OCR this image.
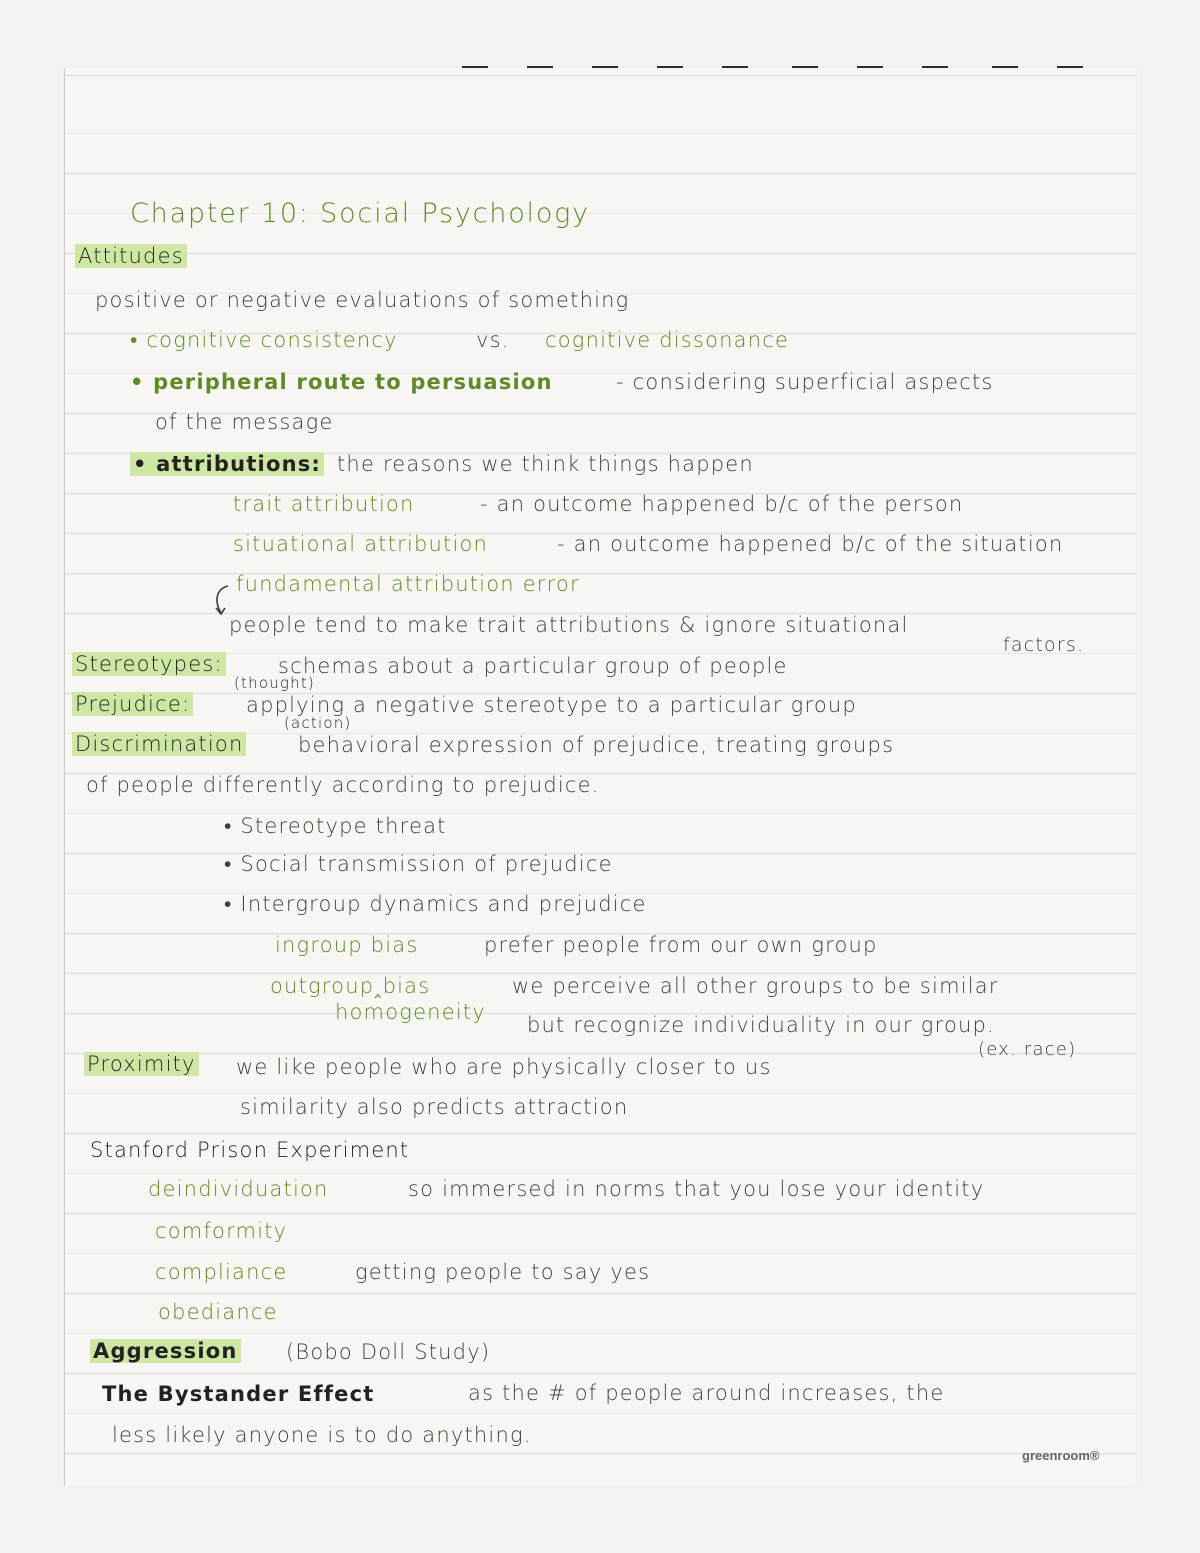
Chapter 10: Social Psychology
Attitudes
positive or negative evaluations of something
• cognitive consistency	vs. cognitive dissonance
• peripheral route to persuasion	- considering superficial aspects
of the message
• attributions: the reasons we think things happen
trait attribution	- an outcome happened b/c of the person
situational attribution	- an outcome happened b/c of the situation
fundamental attribution error
people tend to make trait attributions & ignore situational
factors.
Stereotypes:	schemas about a particular group of people
(thought)
Prejudice:	applying a negative stereotype to a particular group
(action)
Discrimination	behavioral expression of prejudice, treating groups
of people differently according to prejudice.
• Stereotype threat
• Social transmission of prejudice
• Intergroup dynamics and prejudice
ingroup bias	prefer people from our own group
outgroup‸bias	we perceive all other groups to be similar
homogeneity
but recognize individuality in our group.
(ex. race)
Proximity we like people who are physically closer to us
similarity also predicts attraction
Stanford Prison Experiment
deindividuation	so immersed in norms that you lose your identity
comformity
compliance	getting people to say yes
obediance
Aggression (Bobo Doll Study)
The Bystander Effect	as the # of people around increases, the
less likely anyone is to do anything.
greenroom®
